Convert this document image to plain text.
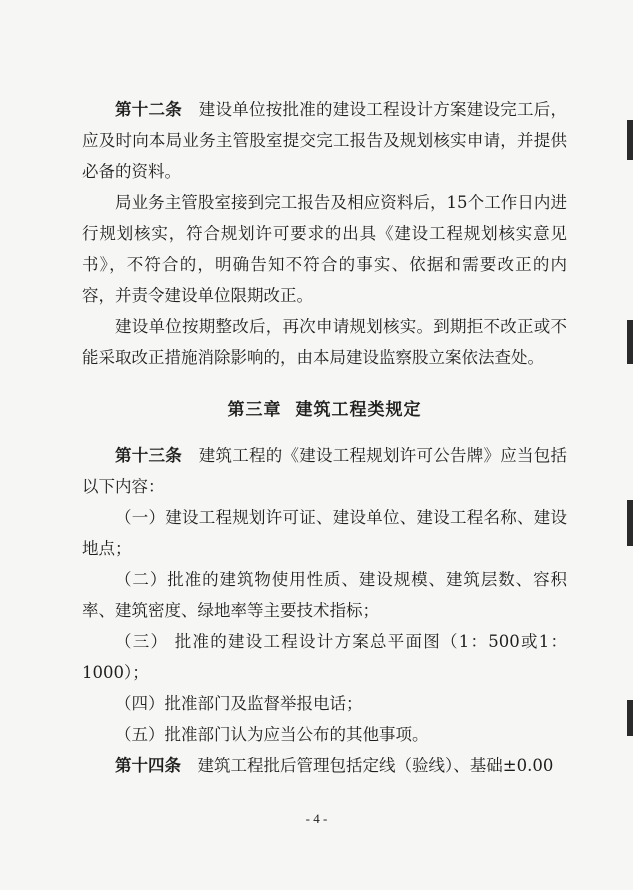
第十二条　 建设单位按批准的建设工程设计方案建设完工后，应及时向本局业务主管股室提交完工报告及规划核实申请，并提供必备的资料。

局业务主管股室接到完工报告及相应资料后，15个工作日内进行规划核实，符合规划许可要求的出具《建设工程规划核实意见书》，不符合的，明确告知不符合的事实、依据和需要改正的内容，并责令建设单位限期改正。

建设单位按期整改后，再次申请规划核实。到期拒不改正或不能采取改正措施消除影响的，由本局建设监察股立案依法查处。

第三章 建筑工程类规定

第十三条　 建筑工程的《建设工程规划许可公告牌》应当包括以下内容：

（一）建设工程规划许可证、建设单位、建设工程名称、建设地点；

（二）批准的建筑物使用性质、建设规模、建筑层数、容积率、建筑密度、绿地率等主要技术指标；

（三） 批准的建设工程设计方案总平面图（1：500或1：1000）；

（四）批准部门及监督举报电话；

（五）批准部门认为应当公布的其他事项。

第十四条　 建筑工程批后管理包括定线（验线）、基础±0.00

- 4 -
